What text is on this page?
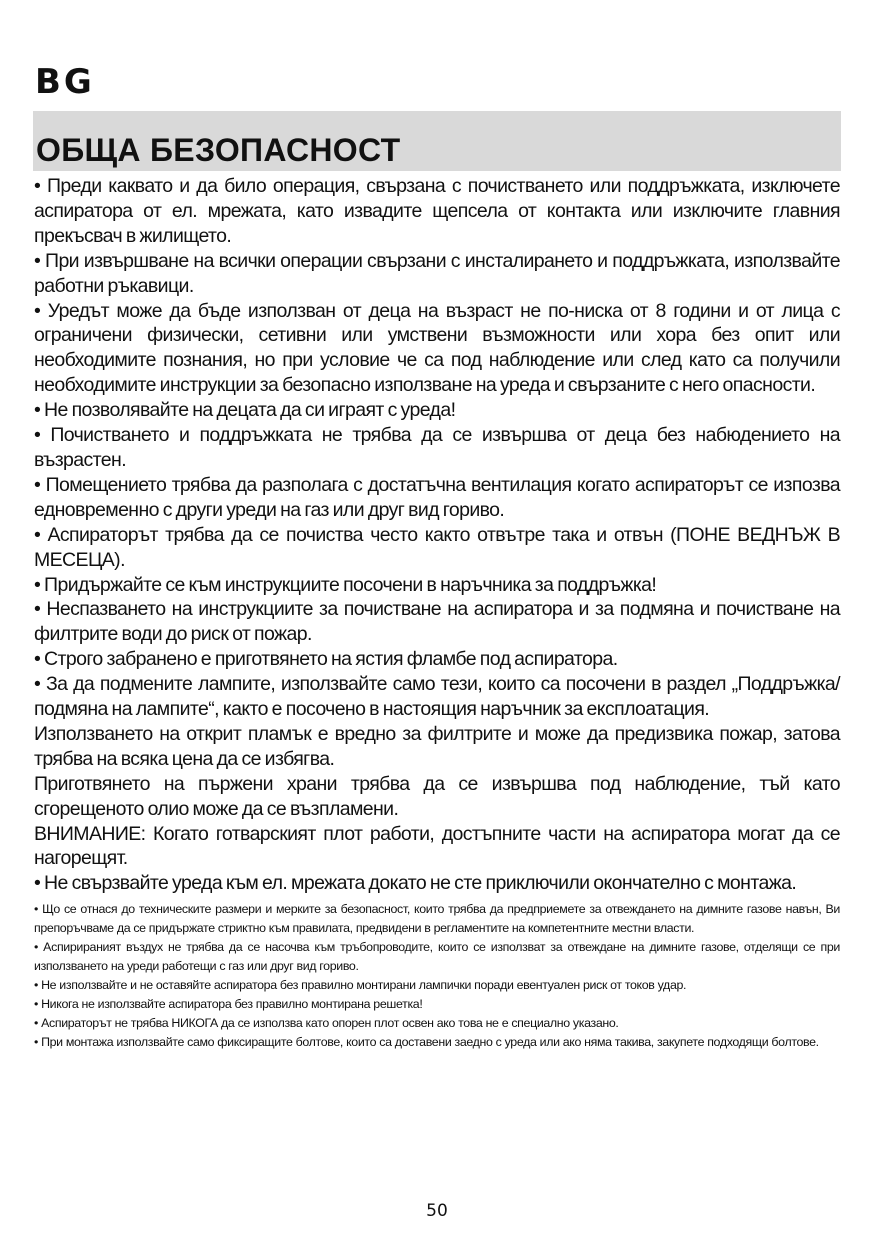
BG
ОБЩА БЕЗОПАСНОСТ

• Преди каквато и да било операция, свързана с почистването или поддръжката, изключете аспиратора от ел. мрежата, като извадите щепсела от контакта или изключите главния прекъсвач в жилището.

• При извършване на всички операции свързани с инсталирането и поддръжката, използвайте работни ръкавици.

• Уредът може да бъде използван от деца на възраст не по-ниска от 8 години и от лица с ограничени физически, сетивни или умствени възможности или хора без опит или необходимите познания, но при условие че са под наблюдение или след като са получили необходимите инструкции за безопасно използване на уреда и свързаните с него опасности.

• Не позволявайте на децата да си играят с уреда!

• Почистването и поддръжката не трябва да се извършва от деца без набюдението на възрастен.

• Помещението трябва да разполага с достатъчна вентилация когато аспираторът се изпозва едновременно с други уреди на газ или друг вид гориво.

• Аспираторът трябва да се почиства често както отвътре така и отвън (ПОНЕ ВЕДНЪЖ В МЕСЕЦА).

• Придържайте се към инструкциите посочени в наръчника за поддръжка!

• Неспазването на инструкциите за почистване на аспиратора и за подмяна и почистване на филтрите води до риск от пожар.

• Строго забранено е приготвянето на ястия фламбе под аспиратора.

• За да подмените лампите, използвайте само тези, които са посочени в раздел „Поддръжка/подмяна на лампите“, както е посочено в настоящия наръчник за експлоатация.

Използването на открит пламък е вредно за филтрите и може да предизвика пожар, затова трябва на всяка цена да се избягва.

Приготвянето на пържени храни трябва да се извършва под наблюдение, тъй като сгорещеното олио може да се възпламени.

ВНИМАНИЕ: Когато готварският плот работи, достъпните части на аспиратора могат да се нагорещят.

• Не свързвайте уреда към ел. мрежата докато не сте приключили окончателно с монтажа.

• Що се отнася до техническите размери и мерките за безопасност, които трябва да предприемете за отвеждането на димните газове навън, Ви препоръчваме да се придържате стриктно към правилата, предвидени в регламентите на компетентните местни власти.

• Аспирираният въздух не трябва да се насочва към тръбопроводите, които се използват за отвеждане на димните газове, отделящи се при използването на уреди работещи с газ или друг вид гориво.

• Не използвайте и не оставяйте аспиратора без правилно монтирани лампички поради евентуален риск от токов удар.

• Никога не използвайте аспиратора без правилно монтирана решетка!

• Аспираторът не трябва НИКОГА да се използва като опорен плот освен ако това не е специално указано.

• При монтажа използвайте само фиксиращите болтове, които са доставени заедно с уреда или ако няма такива, закупете подходящи болтове.

50
